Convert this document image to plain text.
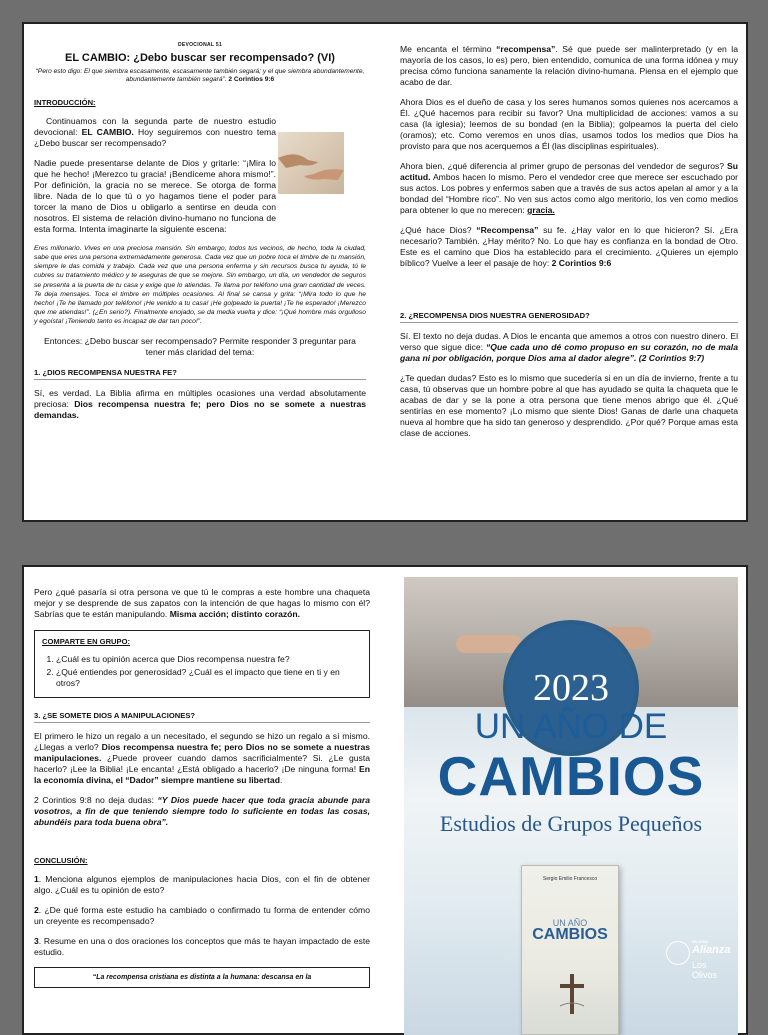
DEVOCIONAL 51
EL CAMBIO: ¿Debo buscar ser recompensado? (VI)
“Pero esto digo: El que siembra escasamente, escasamente también segará; y el que siembra abundantemente, abundantemente también segará”. 2 Corintios 9:6
INTRODUCCIÓN:

Continuamos con la segunda parte de nuestro estudio devocional: EL CAMBIO. Hoy seguiremos con nuestro tema ¿Debo buscar ser recompensado?

Nadie puede presentarse delante de Dios y gritarle: “¡Mira lo que he hecho! ¡Merezco tu gracia! ¡Bendíceme ahora mismo!”. Por definición, la gracia no se merece. Se otorga de forma libre. Nada de lo que tú o yo hagamos tiene el poder para torcer la mano de Dios u obligarlo a sentirse en deuda con nosotros. El sistema de relación divino-humano no funciona de esta forma. Intenta imaginarte la siguiente escena:

Eres millonario. Vives en una preciosa mansión. Sin embargo, todos tus vecinos, de hecho, toda la ciudad, sabe que eres una persona extremadamente generosa. Cada vez que un pobre toca el timbre de tu mansión, siempre le das comida y trabajo. Cada vez que una persona enferma y sin recursos busca tu ayuda, tú le cubres su tratamiento médico y te aseguras de que se mejore. Sin embargo, un día, un vendedor de seguros se presenta a la puerta de tu casa y exige que lo atiendas. Te llama por teléfono una gran cantidad de veces. Te deja mensajes. Toca el timbre en múltiples ocasiones. Al final se cansa y grita: “¡Mira todo lo que he hecho! ¡Te he llamado por teléfono! ¡He venido a tu casa! ¡He golpeado la puerta! ¡Te he esperado! ¡Merezco que me atiendas!”. (¿En serio?). Finalmente enojado, se da media vuelta y dice: “¡Qué hombre más orgulloso y egoísta! ¡Teniendo tanto es incapaz de dar tan poco!”.

Entonces: ¿Debo buscar ser recompensado? Permite responder 3 preguntar para tener más claridad del tema:

1. ¿DIOS RECOMPENSA NUESTRA FE?

Sí, es verdad. La Biblia afirma en múltiples ocasiones una verdad absolutamente preciosa: Dios recompensa nuestra fe; pero Dios no se somete a nuestras demandas.

Me encanta el término “recompensa”. Sé que puede ser malinterpretado (y en la mayoría de los casos, lo es) pero, bien entendido, comunica de una forma idónea y muy precisa cómo funciona sanamente la relación divino-humana. Piensa en el ejemplo que acabo de dar.

Ahora Dios es el dueño de casa y los seres humanos somos quienes nos acercamos a Él. ¿Qué hacemos para recibir su favor? Una multiplicidad de acciones: vamos a su casa (la iglesia); leemos de su bondad (en la Biblia); golpeamos la puerta del cielo (oramos); etc. Como veremos en unos días, usamos todos los medios que Dios ha provisto para que nos acerquemos a Él (las disciplinas espirituales).

Ahora bien, ¿qué diferencia al primer grupo de personas del vendedor de seguros? Su actitud. Ambos hacen lo mismo. Pero el vendedor cree que merece ser escuchado por sus actos. Los pobres y enfermos saben que a través de sus actos apelan al amor y a la bondad del “Hombre rico”. No ven sus actos como algo meritorio, los ven como medios para obtener lo que no merecen: gracia.

¿Qué hace Dios? “Recompensa” su fe. ¿Hay valor en lo que hicieron? Sí. ¿Era necesario? También. ¿Hay mérito? No. Lo que hay es confianza en la bondad de Otro. Este es el camino que Dios ha establecido para el crecimiento. ¿Quieres un ejemplo bíblico? Vuelve a leer el pasaje de hoy: 2 Corintios 9:6

2. ¿RECOMPENSA DIOS NUESTRA GENEROSIDAD?

Sí. El texto no deja dudas. A Dios le encanta que amemos a otros con nuestro dinero. El verso que sigue dice: “Que cada uno dé como propuso en su corazón, no de mala gana ni por obligación, porque Dios ama al dador alegre”. (2 Corintios 9:7)

¿Te quedan dudas? Esto es lo mismo que sucedería si en un día de invierno, frente a tu casa, tú observas que un hombre pobre al que has ayudado se quita la chaqueta que le acabas de dar y se la pone a otra persona que tiene menos abrigo que él. ¿Qué sentirías en ese momento? ¡Lo mismo que siente Dios! Ganas de darle una chaqueta nueva al hombre que ha sido tan generoso y desprendido. ¿Por qué? Porque amas esta clase de acciones.

Pero ¿qué pasaría si otra persona ve que tú le compras a este hombre una chaqueta mejor y se desprende de sus zapatos con la intención de que hagas lo mismo con él? Sabrías que te están manipulando. Misma acción; distinto corazón.

COMPARTE EN GRUPO:
1. ¿Cuál es tu opinión acerca que Dios recompensa nuestra fe?
2. ¿Qué entiendes por generosidad? ¿Cuál es el impacto que tiene en ti y en otros?
3. ¿SE SOMETE DIOS A MANIPULACIONES?

El primero le hizo un regalo a un necesitado, el segundo se hizo un regalo a sí mismo. ¿Llegas a verlo? Dios recompensa nuestra fe; pero Dios no se somete a nuestras manipulaciones. ¿Puede proveer cuando damos sacrificialmente? Si. ¿Le gusta hacerlo? ¡Lee la Biblia! ¡Le encanta! ¿Está obligado a hacerlo? ¡De ninguna forma! En la economía divina, el “Dador” siempre mantiene su libertad.

2 Corintios 9:8 no deja dudas: “Y Dios puede hacer que toda gracia abunde para vosotros, a fin de que teniendo siempre todo lo suficiente en todas las cosas, abundéis para toda buena obra”.

CONCLUSIÓN:

1. Menciona algunos ejemplos de manipulaciones hacia Dios, con el fin de obtener algo. ¿Cuál es tu opinión de esto?

2. ¿De qué forma este estudio ha cambiado o confirmado tu forma de entender cómo un creyente es recompensado?

3. Resume en una o dos oraciones los conceptos que más te hayan impactado de este estudio.

“La recompensa cristiana es distinta a la humana: descansa en la
2023
UN AÑO DE
CAMBIOS
Estudios de Grupos Pequeños
Sergio Emilio Francesco
UN AÑO
CAMBIOS	IGLESIA
Alianza
Los Olivos
